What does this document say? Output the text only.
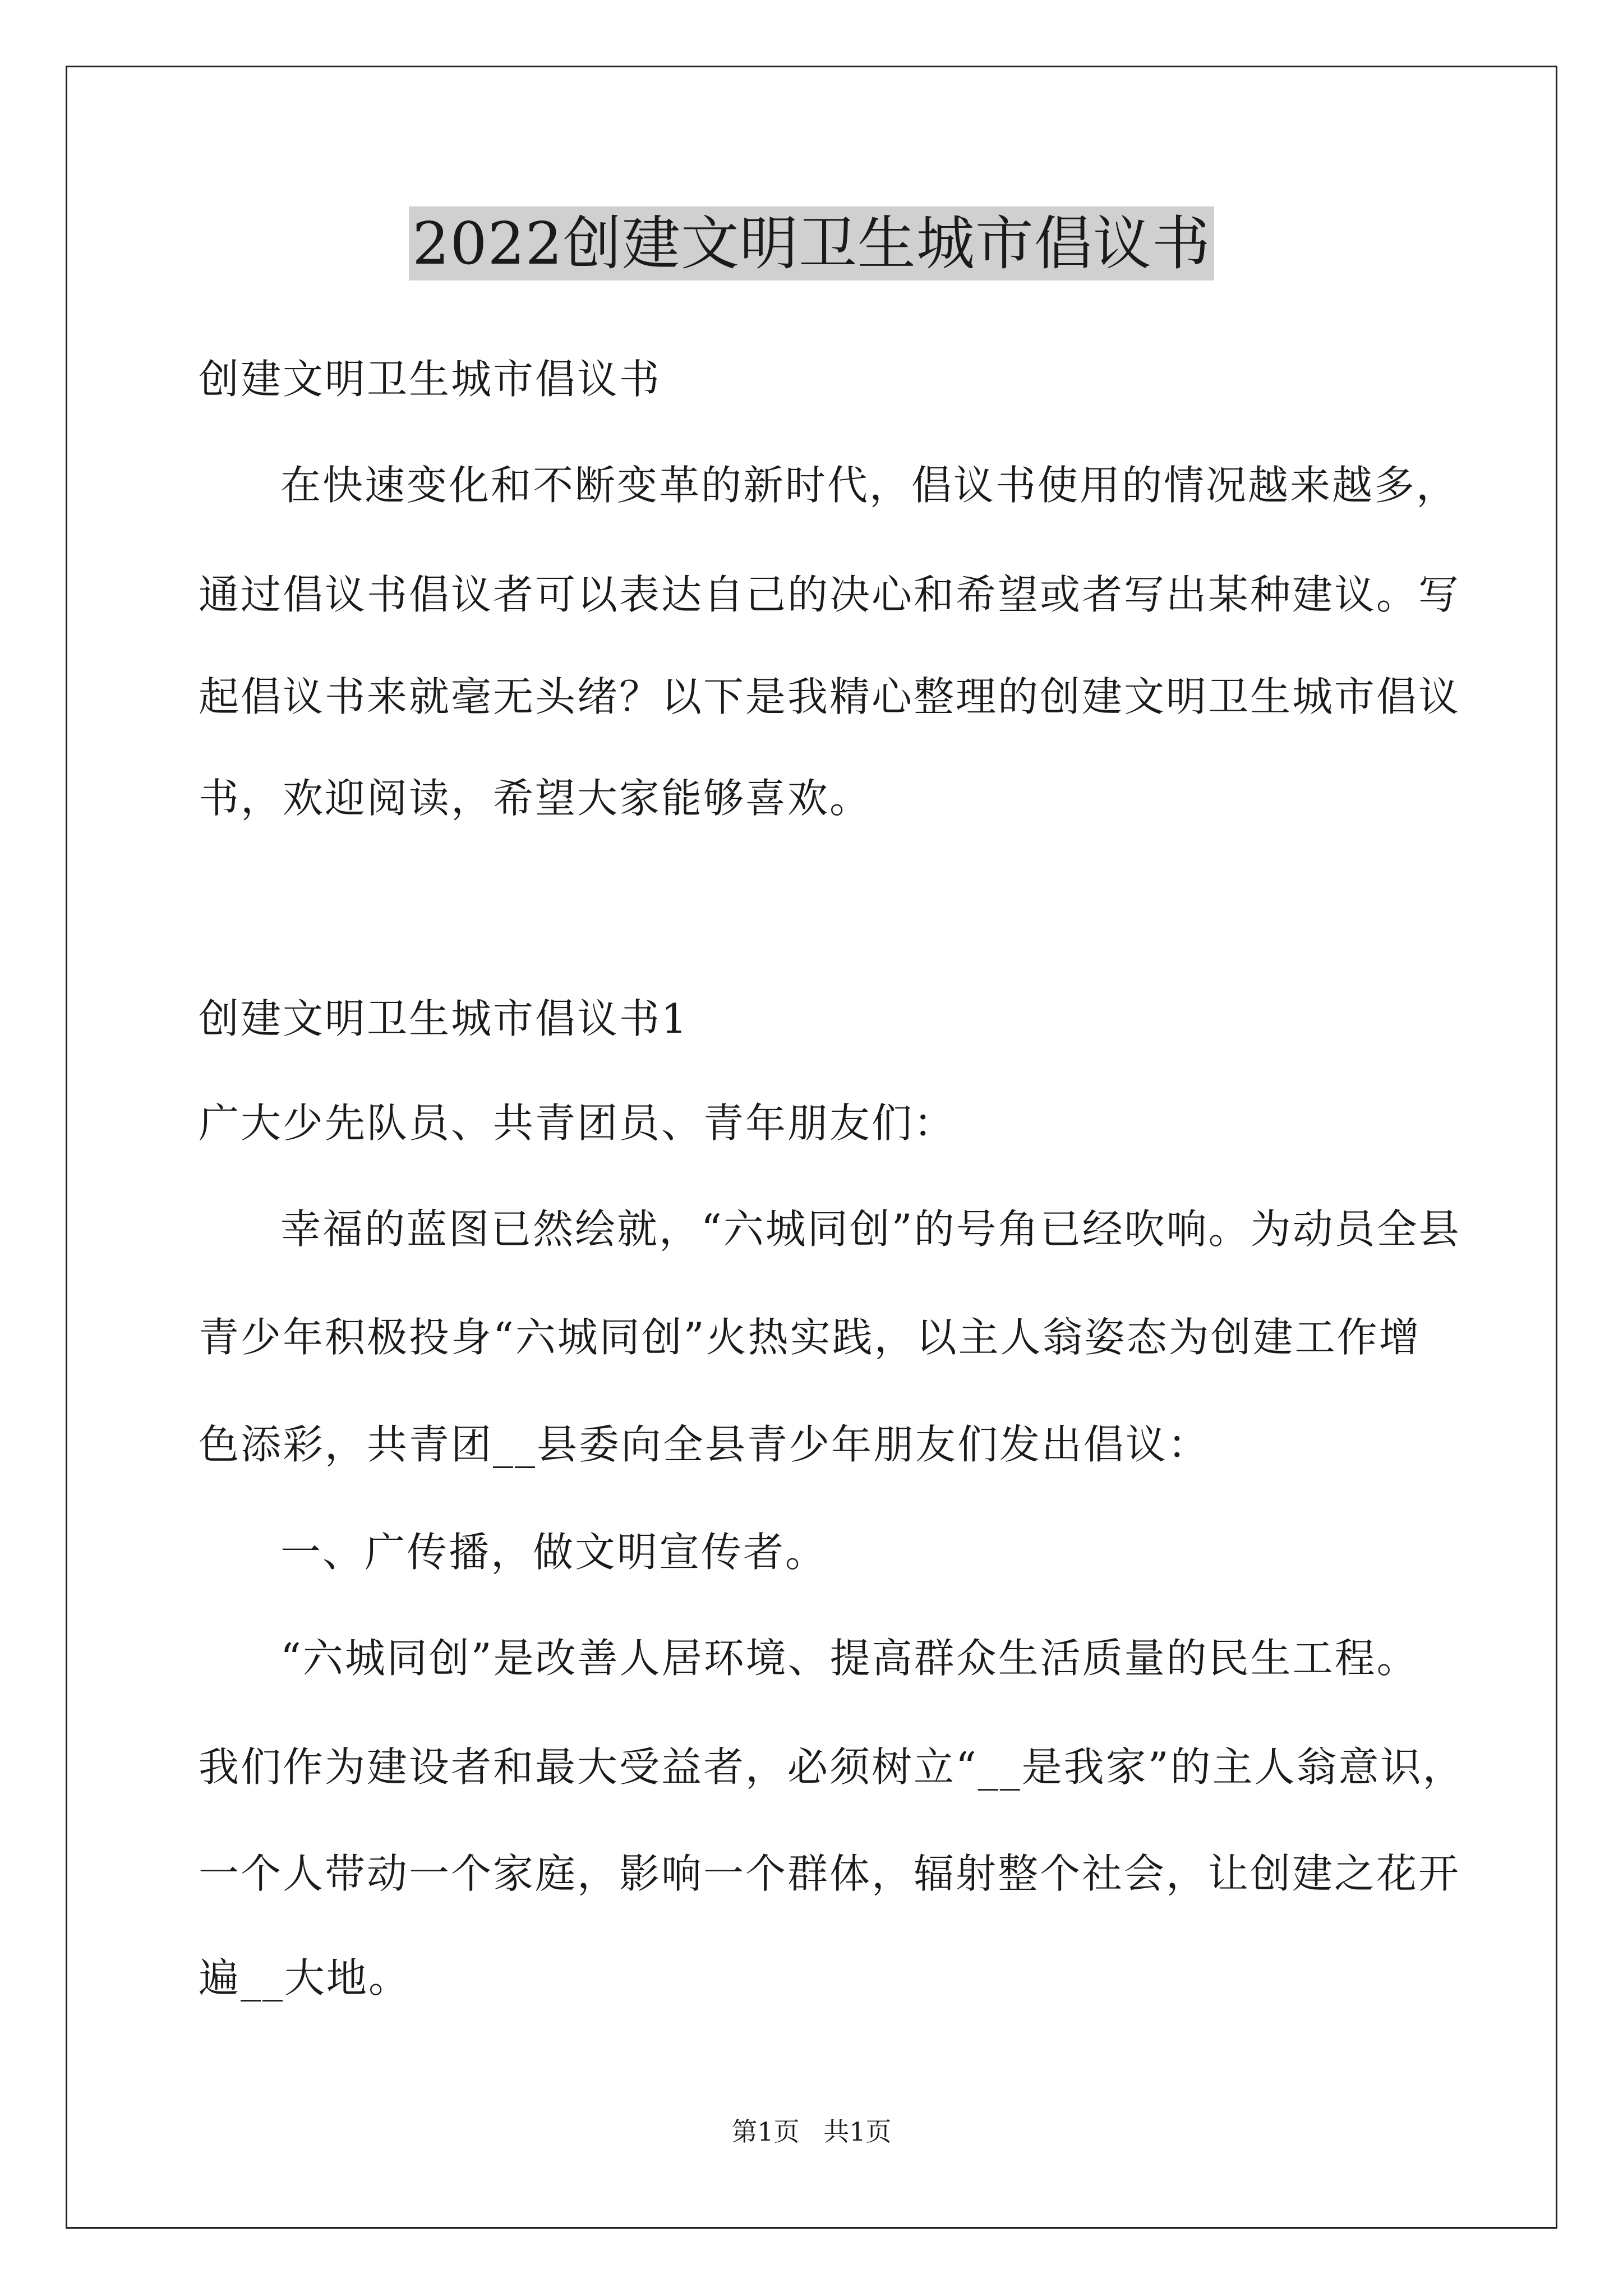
2022创建文明卫生城市倡议书
创建文明卫生城市倡议书
在快速变化和不断变革的新时代，倡议书使用的情况越来越多，
通过倡议书倡议者可以表达自己的决心和希望或者写出某种建议。写
起倡议书来就毫无头绪？以下是我精心整理的创建文明卫生城市倡议
书，欢迎阅读，希望大家能够喜欢。
创建文明卫生城市倡议书1
广大少先队员、共青团员、青年朋友们：
幸福的蓝图已然绘就，“六城同创”的号角已经吹响。为动员全县
青少年积极投身“六城同创”火热实践，以主人翁姿态为创建工作增
色添彩，共青团__县委向全县青少年朋友们发出倡议：
一、广传播，做文明宣传者。
“六城同创”是改善人居环境、提高群众生活质量的民生工程。
我们作为建设者和最大受益者，必须树立“__是我家”的主人翁意识，
一个人带动一个家庭，影响一个群体，辐射整个社会，让创建之花开
遍__大地。
第1页 共1页
